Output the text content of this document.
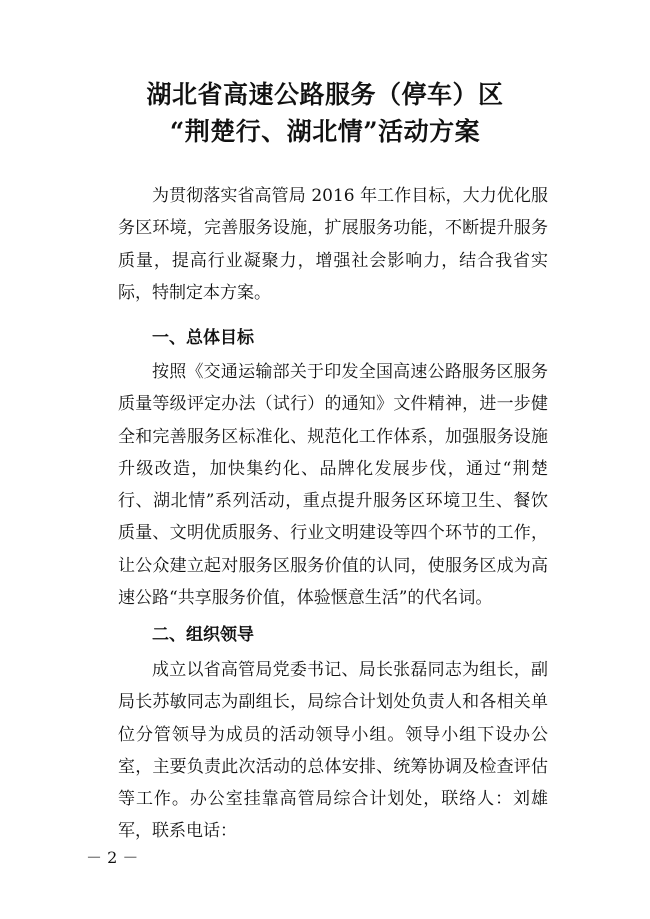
湖北省高速公路服务（停车）区
“荆楚行、湖北情”活动方案

为贯彻落实省高管局 2016 年工作目标，大力优化服务区环境，完善服务设施，扩展服务功能，不断提升服务质量，提高行业凝聚力，增强社会影响力，结合我省实际，特制定本方案。

一、总体目标

按照《交通运输部关于印发全国高速公路服务区服务质量等级评定办法（试行）的通知》文件精神，进一步健全和完善服务区标准化、规范化工作体系，加强服务设施升级改造，加快集约化、品牌化发展步伐，通过“荆楚行、湖北情”系列活动，重点提升服务区环境卫生、餐饮质量、文明优质服务、行业文明建设等四个环节的工作，让公众建立起对服务区服务价值的认同，使服务区成为高速公路“共享服务价值，体验惬意生活”的代名词。

二、组织领导

成立以省高管局党委书记、局长张磊同志为组长，副局长苏敏同志为副组长，局综合计划处负责人和各相关单位分管领导为成员的活动领导小组。领导小组下设办公室，主要负责此次活动的总体安排、统筹协调及检查评估等工作。办公室挂靠高管局综合计划处，联络人：刘雄军，联系电话：

－ 2 －
